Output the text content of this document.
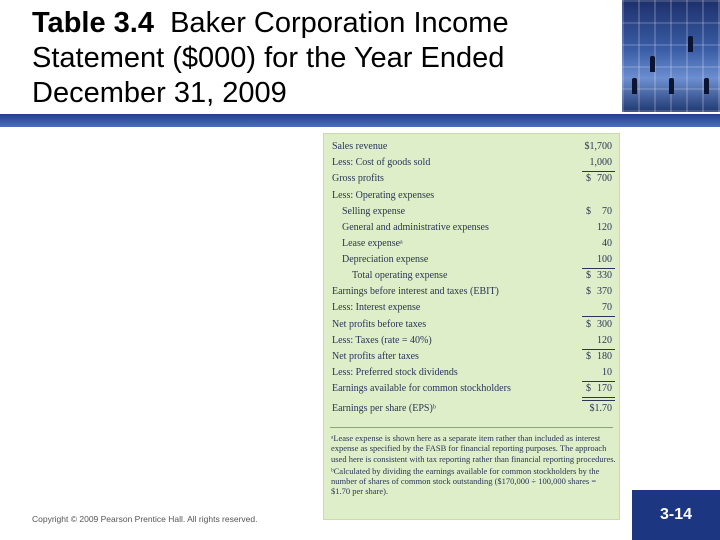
Table 3.4 Baker Corporation Income Statement ($000) for the Year Ended December 31, 2009
Sales revenue	$1,700
Less: Cost of goods sold	1,000
Gross profits	$ 700
Less: Operating expenses
Selling expense	$ 70
General and administrative expenses	120
Lease expenseᵃ	40
Depreciation expense	100
Total operating expense	$ 330
Earnings before interest and taxes (EBIT)	$ 370
Less: Interest expense	70
Net profits before taxes	$ 300
Less: Taxes (rate = 40%)	120
Net profits after taxes	$ 180
Less: Preferred stock dividends	10
Earnings available for common stockholders	$ 170
Earnings per share (EPS)ᵇ	$1.70

ᵃLease expense is shown here as a separate item rather than included as interest expense as specified by the FASB for financial reporting purposes. The approach used here is consistent with tax reporting rather than financial reporting procedures.

ᵇCalculated by dividing the earnings available for common stockholders by the number of shares of common stock outstanding ($170,000 ÷ 100,000 shares = $1.70 per share).

Copyright © 2009 Pearson Prentice Hall. All rights reserved.	3-14
